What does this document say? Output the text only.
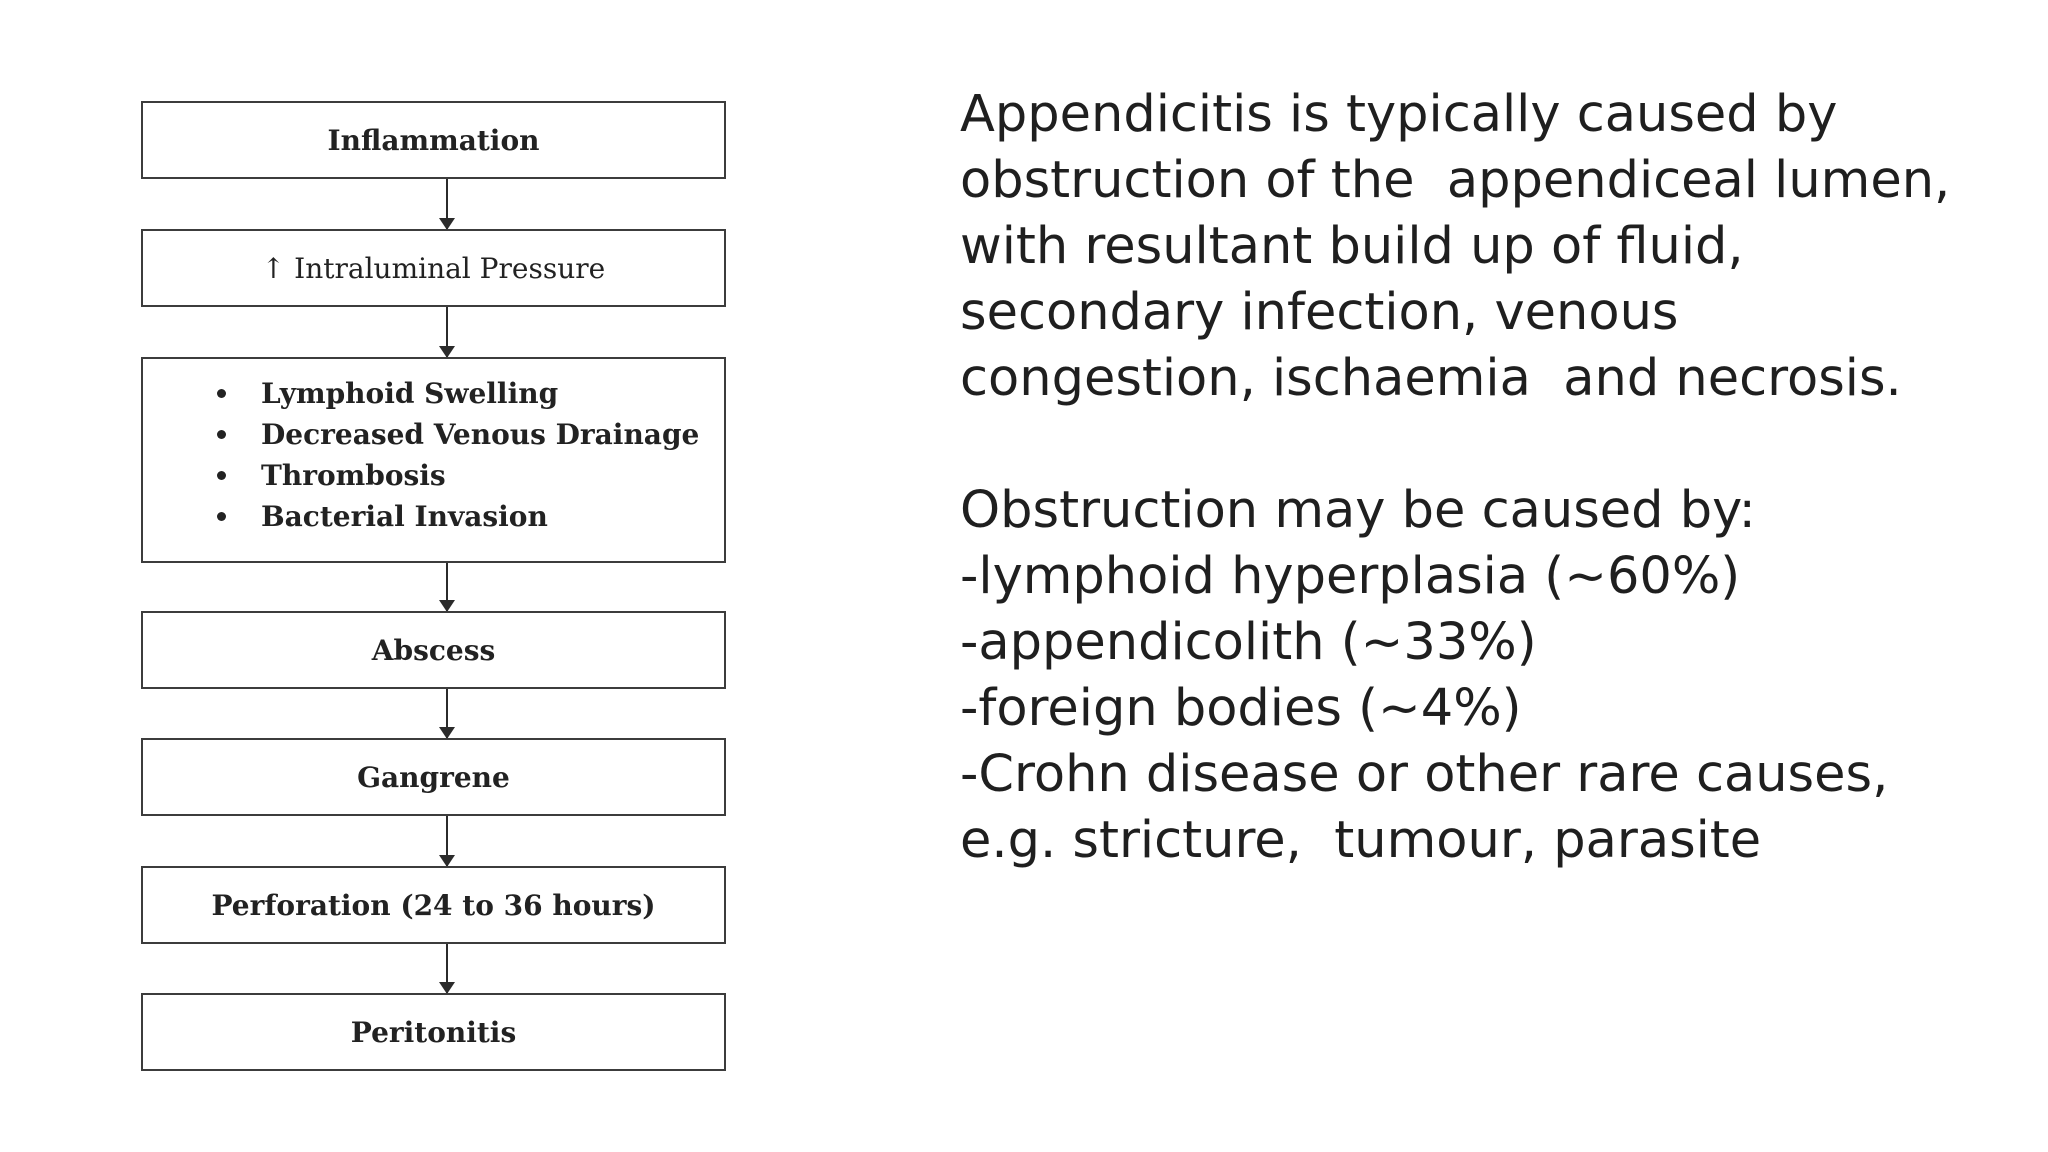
Inflammation
↑ Intraluminal Pressure
Lymphoid Swelling
Decreased Venous Drainage
Thrombosis
Bacterial Invasion
Abscess
Gangrene
Perforation (24 to 36 hours)
Peritonitis

Appendicitis is typically caused by

obstruction of the  appendiceal lumen,

with resultant build up of fluid,

secondary infection, venous

congestion, ischaemia  and necrosis.

Obstruction may be caused by:

-lymphoid hyperplasia (~60%)

-appendicolith (~33%)

-foreign bodies (~4%)

-Crohn disease or other rare causes,

e.g. stricture,  tumour, parasite
